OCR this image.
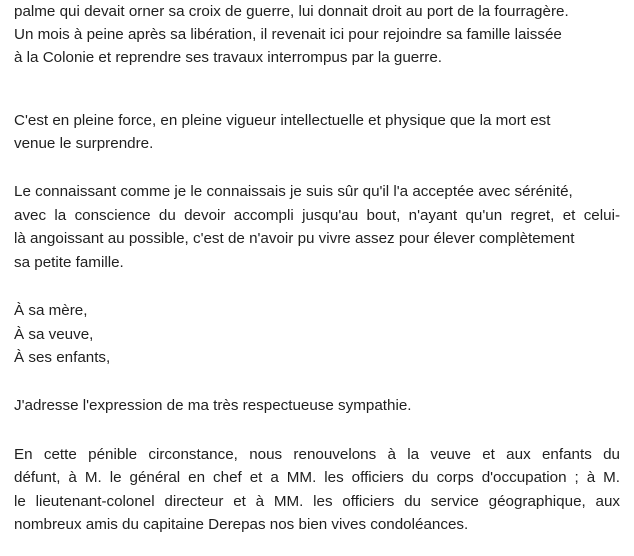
palme qui devait orner sa croix de guerre, lui donnait droit au port de la fourragère.
Un mois à peine après sa libération, il revenait ici pour rejoindre sa famille laissée
à la Colonie et reprendre ses travaux interrompus par la guerre.
C'est en pleine force, en pleine vigueur intellectuelle et physique que la mort est
venue le surprendre.
Le connaissant comme je le connaissais je suis sûr qu'il l'a acceptée avec sérénité,
avec la conscience du devoir accompli jusqu'au bout, n'ayant qu'un regret, et celui-
là angoissant au possible, c'est de n'avoir pu vivre assez pour élever complètement
sa petite famille.
À sa mère,
À sa veuve,
À ses enfants,
J'adresse l'expression de ma très respectueuse sympathie.
En cette pénible circonstance, nous renouvelons à la veuve et aux enfants du
défunt, à M. le général en chef et a MM. les officiers du corps d'occupation ; à M.
le lieutenant-colonel directeur et à MM. les officiers du service géographique, aux
nombreux amis du capitaine Derepas nos bien vives condoléances.
